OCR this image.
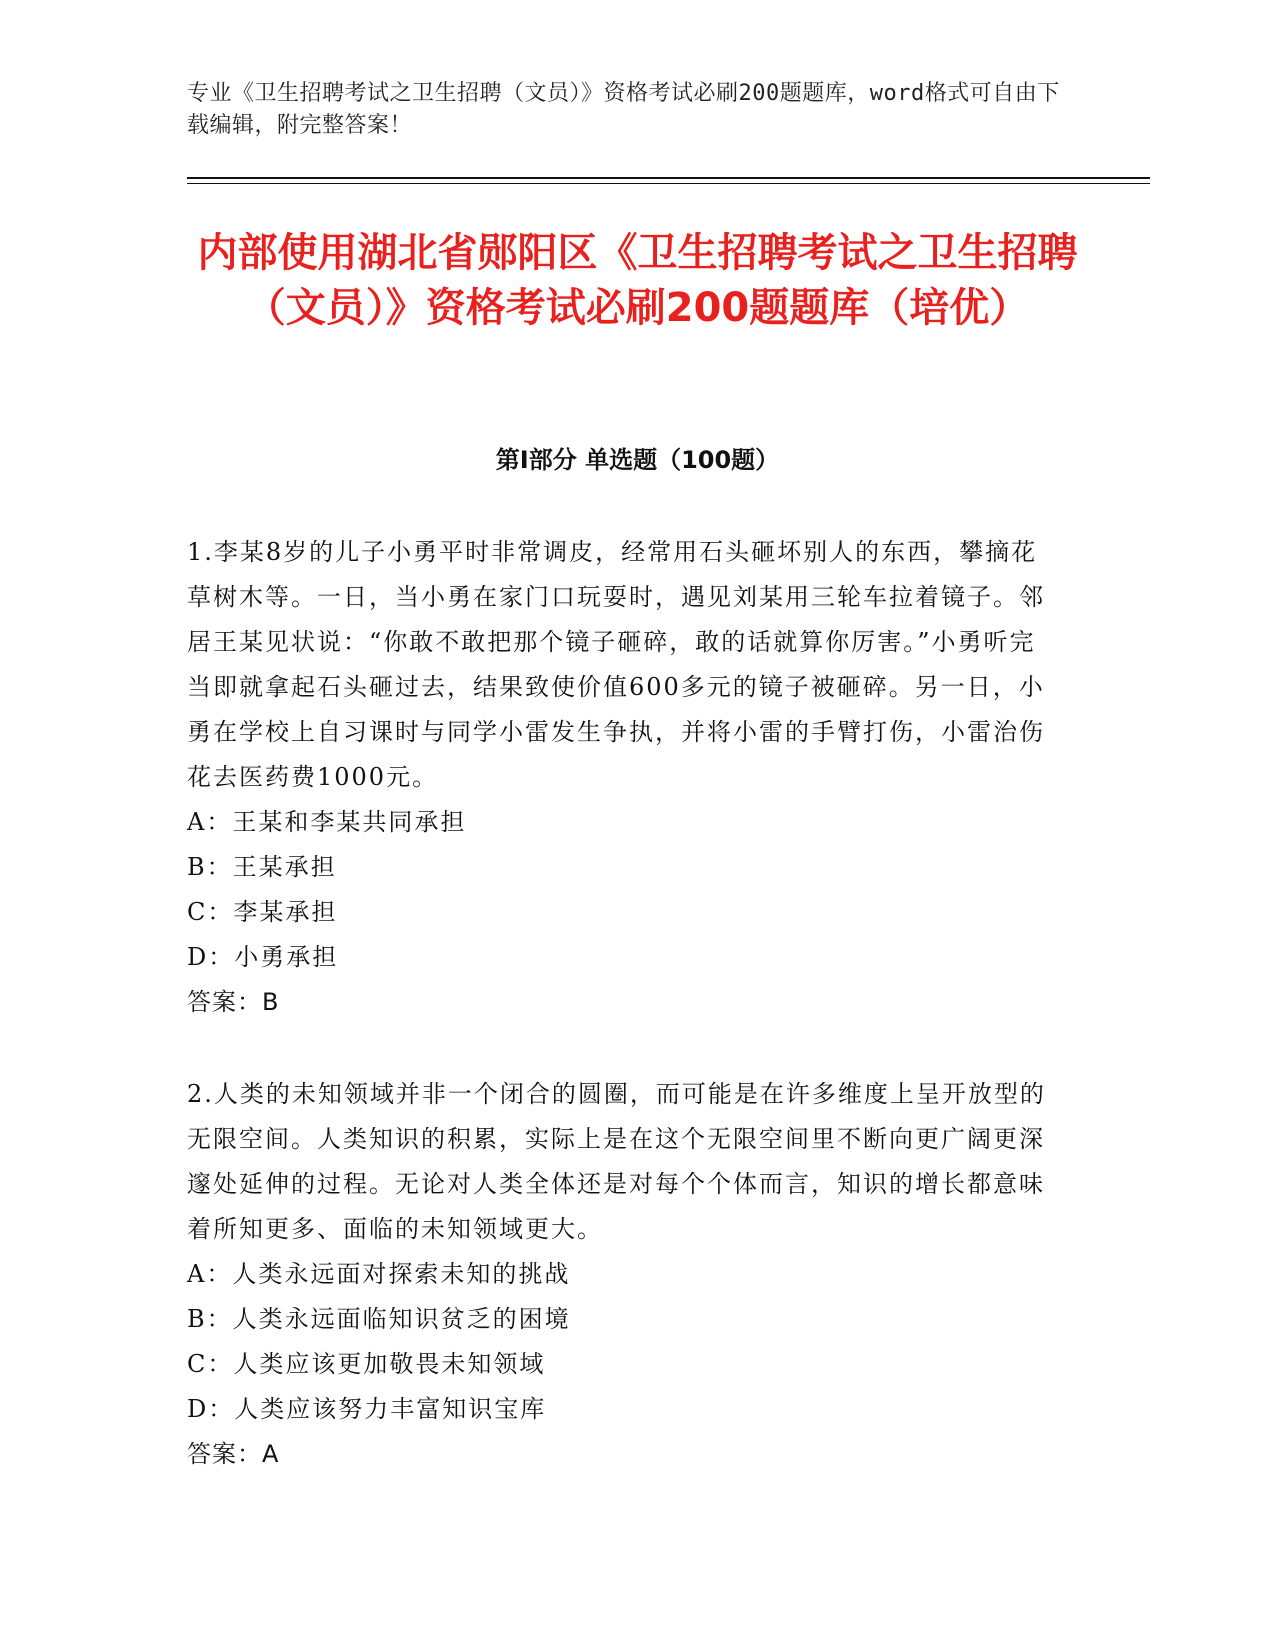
专业《卫生招聘考试之卫生招聘（文员）》资格考试必刷200题题库，word格式可自由下载编辑，附完整答案！
内部使用湖北省郧阳区《卫生招聘考试之卫生招聘（文员）》资格考试必刷200题题库（培优）
第Ⅰ部分 单选题（100题）

1.李某8岁的儿子小勇平时非常调皮，经常用石头砸坏别人的东西，攀摘花草树木等。一日，当小勇在家门口玩耍时，遇见刘某用三轮车拉着镜子。邻居王某见状说：“你敢不敢把那个镜子砸碎，敢的话就算你厉害。”小勇听完当即就拿起石头砸过去，结果致使价值600多元的镜子被砸碎。另一日，小勇在学校上自习课时与同学小雷发生争执，并将小雷的手臂打伤，小雷治伤花去医药费1000元。

A：王某和李某共同承担
B：王某承担
C：李某承担
D：小勇承担
答案：B

2.人类的未知领域并非一个闭合的圆圈，而可能是在许多维度上呈开放型的无限空间。人类知识的积累，实际上是在这个无限空间里不断向更广阔更深邃处延伸的过程。无论对人类全体还是对每个个体而言，知识的增长都意味着所知更多、面临的未知领域更大。

A：人类永远面对探索未知的挑战
B：人类永远面临知识贫乏的困境
C：人类应该更加敬畏未知领域
D：人类应该努力丰富知识宝库
答案：A
